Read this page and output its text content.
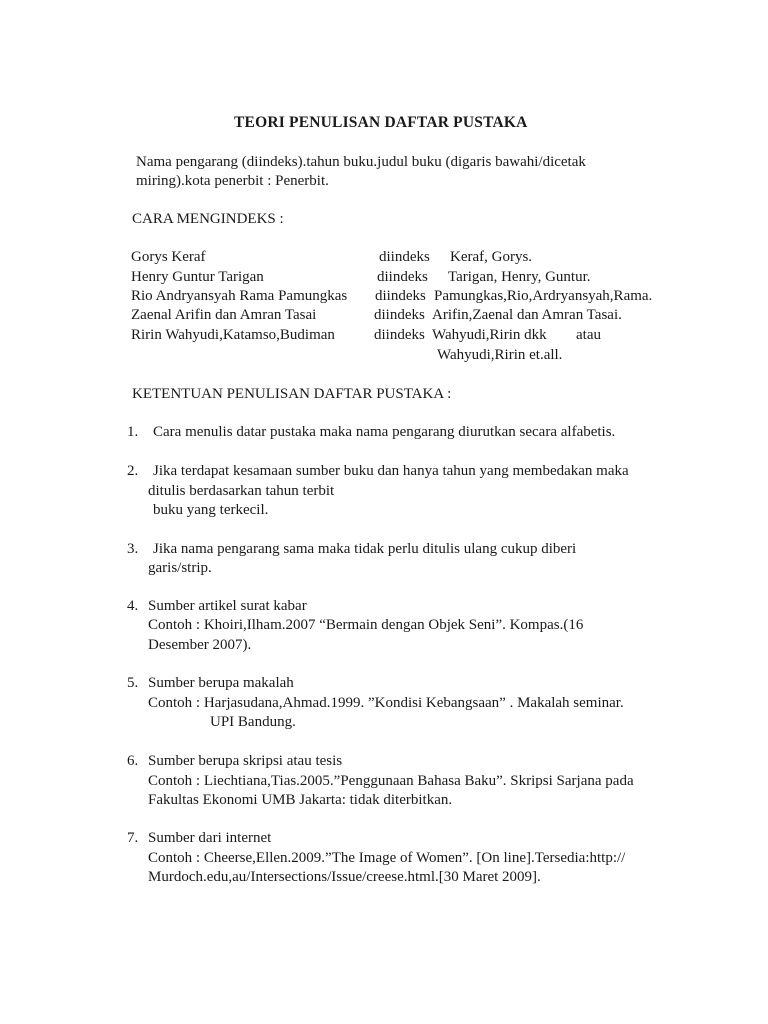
TEORI PENULISAN DAFTAR PUSTAKA
Nama pengarang (diindeks).tahun buku.judul buku (digaris bawahi/dicetak
miring).kota penerbit : Penerbit.
CARA MENGINDEKS :
Gorys Keraf	diindeks Keraf, Gorys.
Henry Guntur Tarigan	diindeks Tarigan, Henry, Guntur.
Rio Andryansyah Rama Pamungkas diindeks Pamungkas,Rio,Ardryansyah,Rama.
Zaenal Arifin dan Amran Tasai	diindeks Arifin,Zaenal dan Amran Tasai.
Ririn Wahyudi,Katamso,Budiman	diindeks Wahyudi,Ririn dkk atau
Wahyudi,Ririn et.all.
KETENTUAN PENULISAN DAFTAR PUSTAKA :
1. Cara menulis datar pustaka maka nama pengarang diurutkan secara alfabetis.
2. Jika terdapat kesamaan sumber buku dan hanya tahun yang membedakan maka
ditulis berdasarkan tahun terbit
buku yang terkecil.
3. Jika nama pengarang sama maka tidak perlu ditulis ulang cukup diberi
garis/strip.
4. Sumber artikel surat kabar
Contoh : Khoiri,Ilham.2007 “Bermain dengan Objek Seni”. Kompas.(16
Desember 2007).
5. Sumber berupa makalah
Contoh : Harjasudana,Ahmad.1999. ”Kondisi Kebangsaan” . Makalah seminar.
UPI Bandung.
6. Sumber berupa skripsi atau tesis
Contoh : Liechtiana,Tias.2005.”Penggunaan Bahasa Baku”. Skripsi Sarjana pada
Fakultas Ekonomi UMB Jakarta: tidak diterbitkan.
7. Sumber dari internet
Contoh : Cheerse,Ellen.2009.”The Image of Women”. [On line].Tersedia:http://
Murdoch.edu,au/Intersections/Issue/creese.html.[30 Maret 2009].
